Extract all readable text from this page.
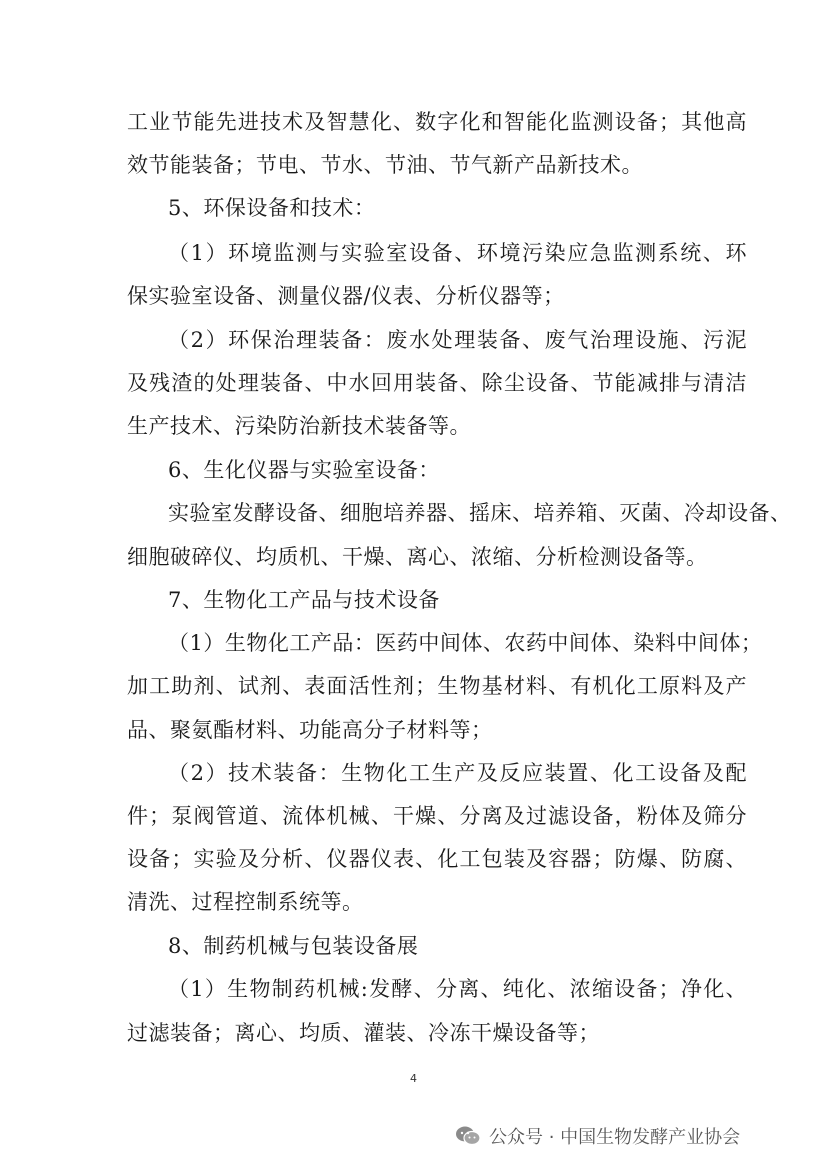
工业节能先进技术及智慧化、数字化和智能化监测设备；其他高
效节能装备；节电、节水、节油、节气新产品新技术。
5、环保设备和技术：
（1）环境监测与实验室设备、环境污染应急监测系统、环
保实验室设备、测量仪器/仪表、分析仪器等；
（2）环保治理装备：废水处理装备、废气治理设施、污泥
及残渣的处理装备、中水回用装备、除尘设备、节能减排与清洁
生产技术、污染防治新技术装备等。
6、生化仪器与实验室设备：
实验室发酵设备、细胞培养器、摇床、培养箱、灭菌、冷却设备、
细胞破碎仪、均质机、干燥、离心、浓缩、分析检测设备等。
7、生物化工产品与技术设备
（1）生物化工产品：医药中间体、农药中间体、染料中间体；
加工助剂、试剂、表面活性剂；生物基材料、有机化工原料及产
品、聚氨酯材料、功能高分子材料等；
（2）技术装备：生物化工生产及反应装置、化工设备及配
件；泵阀管道、流体机械、干燥、分离及过滤设备，粉体及筛分
设备；实验及分析、仪器仪表、化工包装及容器；防爆、防腐、
清洗、过程控制系统等。
8、制药机械与包装设备展
（1）生物制药机械:发酵、分离、纯化、浓缩设备；净化、
过滤装备；离心、均质、灌装、冷冻干燥设备等；
4
公众号 · 中国生物发酵产业协会
